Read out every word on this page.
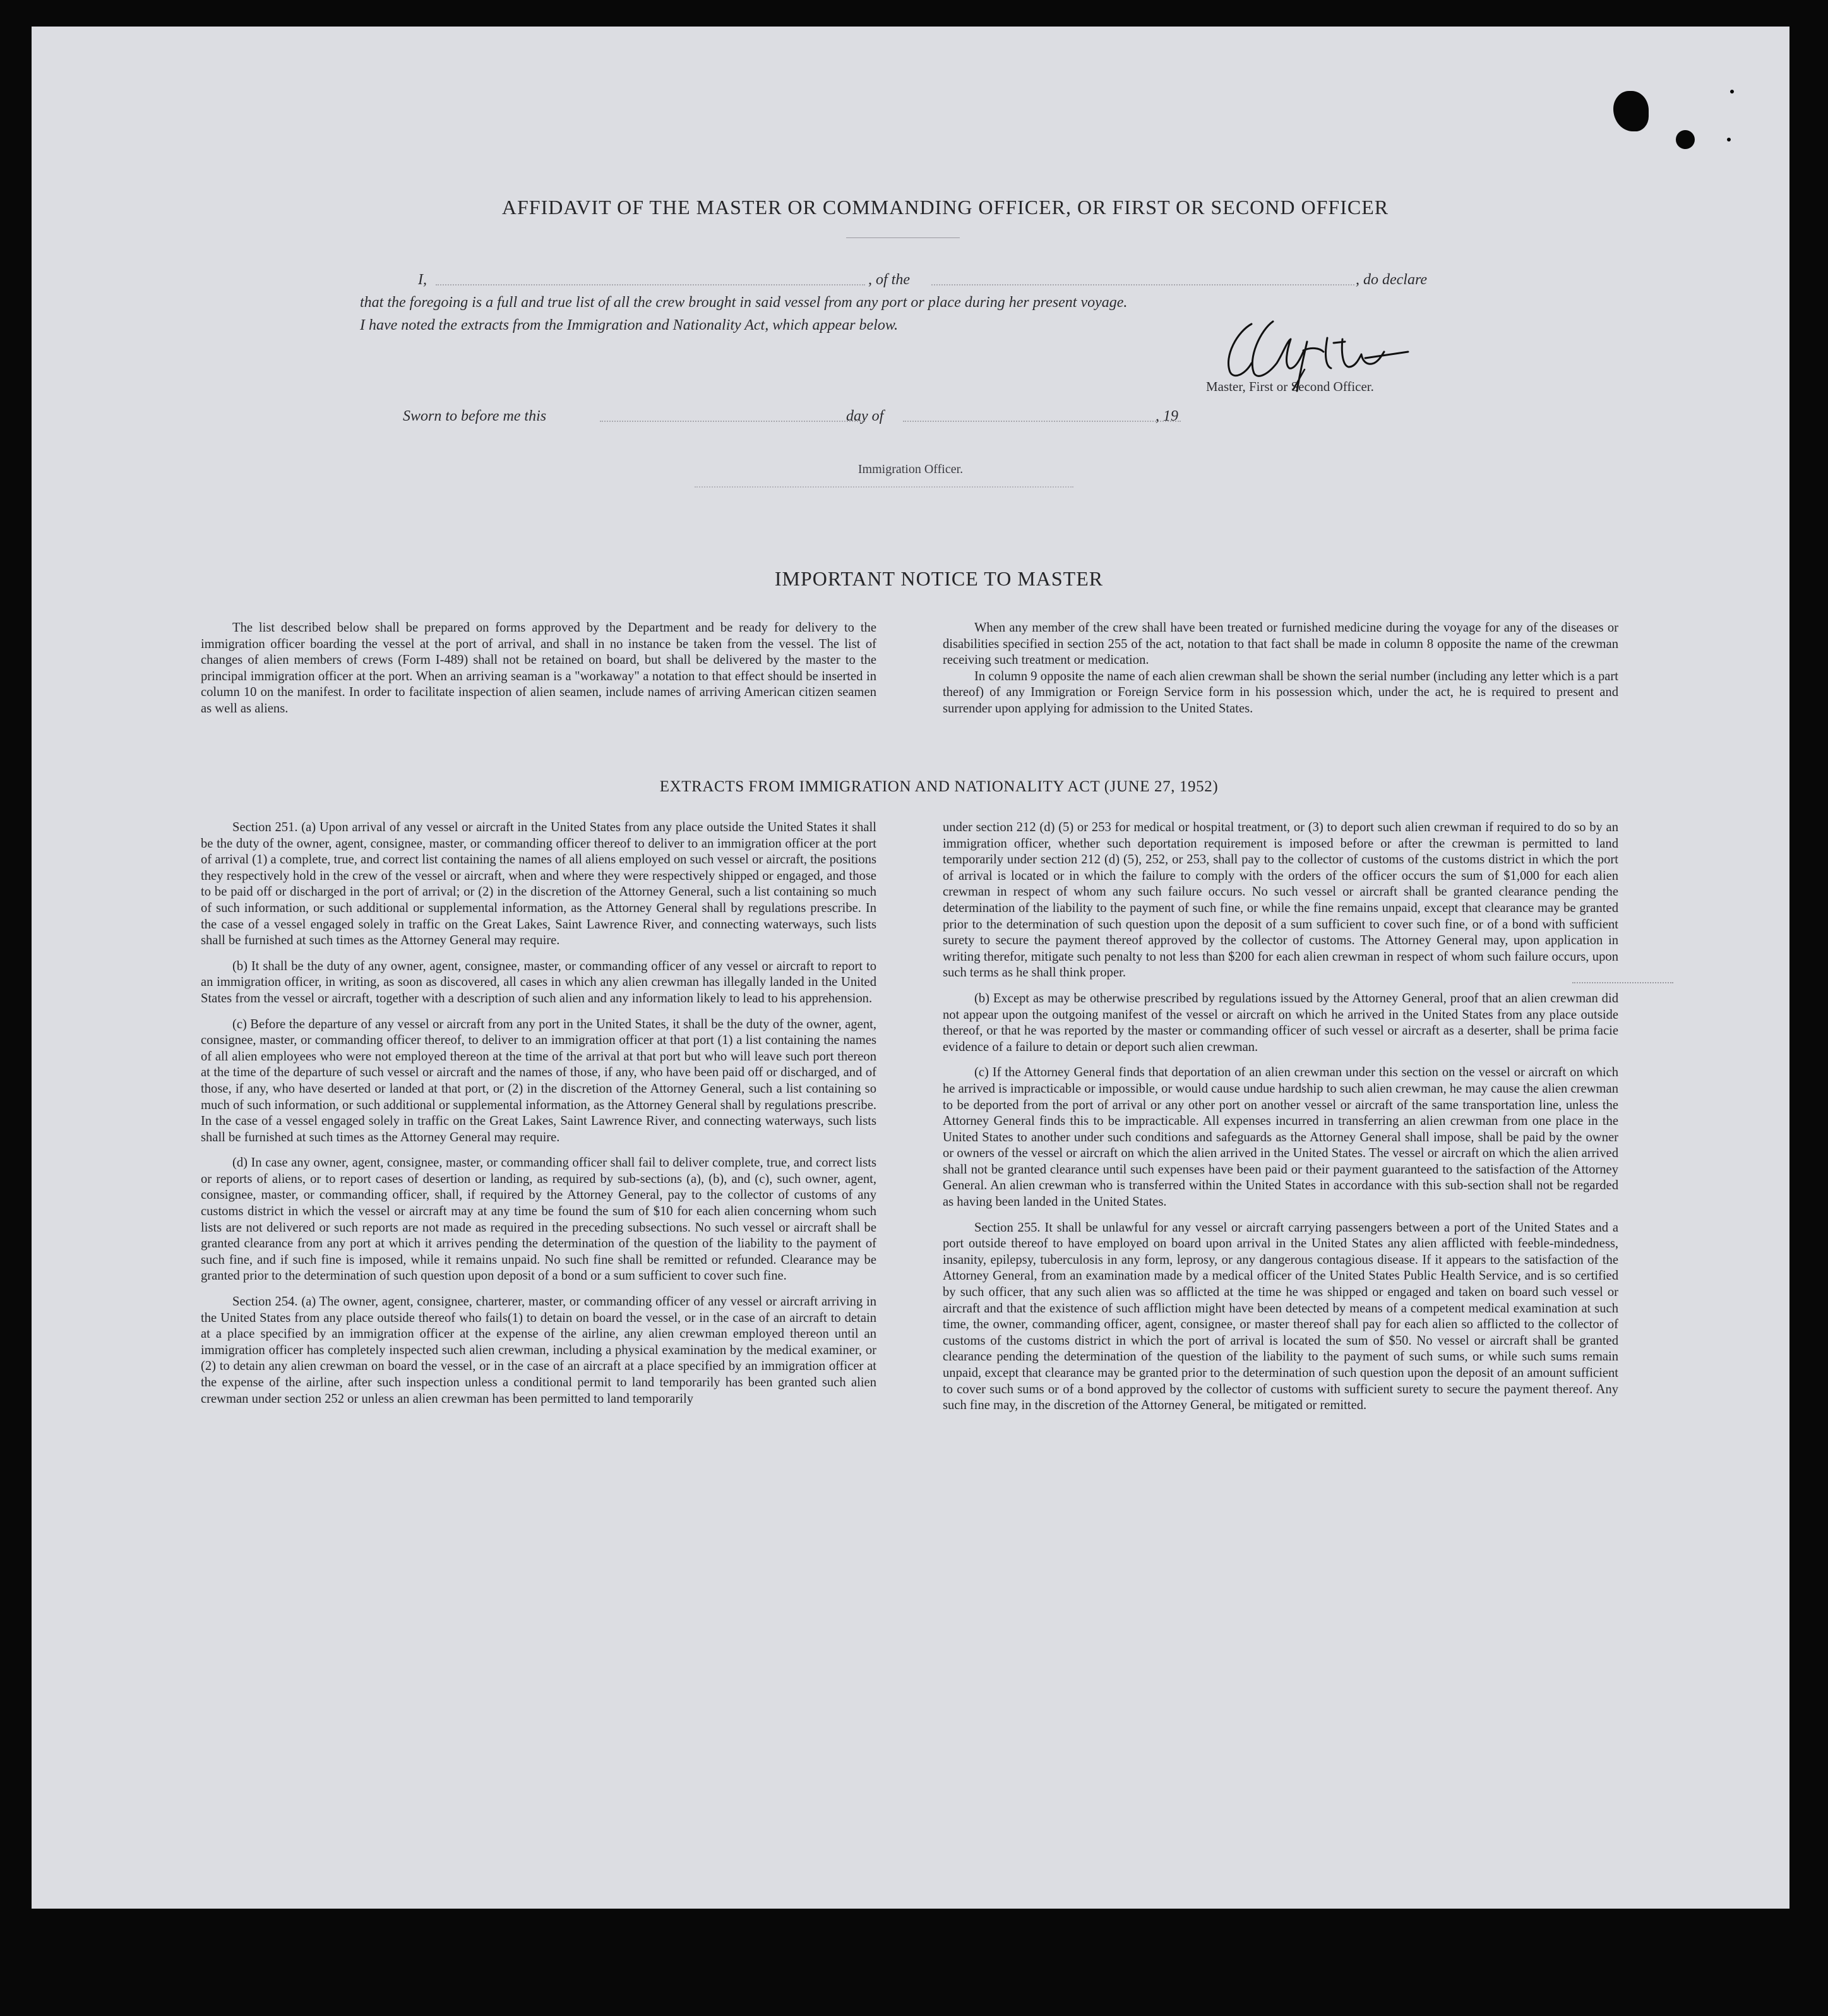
AFFIDAVIT OF THE MASTER OR COMMANDING OFFICER, OR FIRST OR SECOND OFFICER
I,	, of the	, do declare
that the foregoing is a full and true list of all the crew brought in said vessel from any port or place during her present voyage.
I have noted the extracts from the Immigration and Nationality Act, which appear below.
Master, First or Second Officer.
Sworn to before me this	day of	, 19
Immigration Officer.
IMPORTANT NOTICE TO MASTER

The list described below shall be prepared on forms approved by the Department and be ready for delivery to the immigration officer boarding the vessel at the port of arrival, and shall in no instance be taken from the vessel. The list of changes of alien members of crews (Form I-489) shall not be retained on board, but shall be delivered by the master to the principal immigration officer at the port. When an arriving seaman is a "workaway" a notation to that effect should be inserted in column 10 on the manifest. In order to facilitate inspection of alien seamen, include names of arriving American citizen seamen as well as aliens.

When any member of the crew shall have been treated or furnished medicine during the voyage for any of the diseases or disabilities specified in section 255 of the act, notation to that fact shall be made in column 8 opposite the name of the crewman receiving such treatment or medication.

In column 9 opposite the name of each alien crewman shall be shown the serial number (including any letter which is a part thereof) of any Immigration or Foreign Service form in his possession which, under the act, he is required to present and surrender upon applying for admission to the United States.

EXTRACTS FROM IMMIGRATION AND NATIONALITY ACT (JUNE 27, 1952)

Section 251. (a) Upon arrival of any vessel or aircraft in the United States from any place outside the United States it shall be the duty of the owner, agent, consignee, master, or commanding officer thereof to deliver to an immigration officer at the port of arrival (1) a complete, true, and correct list containing the names of all aliens employed on such vessel or aircraft, the positions they respectively hold in the crew of the vessel or aircraft, when and where they were respectively shipped or engaged, and those to be paid off or discharged in the port of arrival; or (2) in the discretion of the Attorney General, such a list containing so much of such information, or such additional or supplemental information, as the Attorney General shall by regulations prescribe. In the case of a vessel engaged solely in traffic on the Great Lakes, Saint Lawrence River, and connecting waterways, such lists shall be furnished at such times as the Attorney General may require.

(b) It shall be the duty of any owner, agent, consignee, master, or commanding officer of any vessel or aircraft to report to an immigration officer, in writing, as soon as discovered, all cases in which any alien crewman has illegally landed in the United States from the vessel or aircraft, together with a description of such alien and any information likely to lead to his apprehension.

(c) Before the departure of any vessel or aircraft from any port in the United States, it shall be the duty of the owner, agent, consignee, master, or commanding officer thereof, to deliver to an immigration officer at that port (1) a list containing the names of all alien employees who were not employed thereon at the time of the arrival at that port but who will leave such port thereon at the time of the departure of such vessel or aircraft and the names of those, if any, who have been paid off or discharged, and of those, if any, who have deserted or landed at that port, or (2) in the discretion of the Attorney General, such a list containing so much of such information, or such additional or supplemental information, as the Attorney General shall by regulations prescribe. In the case of a vessel engaged solely in traffic on the Great Lakes, Saint Lawrence River, and connecting waterways, such lists shall be furnished at such times as the Attorney General may require.

(d) In case any owner, agent, consignee, master, or commanding officer shall fail to deliver complete, true, and correct lists or reports of aliens, or to report cases of desertion or landing, as required by sub-sections (a), (b), and (c), such owner, agent, consignee, master, or commanding officer, shall, if required by the Attorney General, pay to the collector of customs of any customs district in which the vessel or aircraft may at any time be found the sum of $10 for each alien concerning whom such lists are not delivered or such reports are not made as required in the preceding subsections. No such vessel or aircraft shall be granted clearance from any port at which it arrives pending the determination of the question of the liability to the payment of such fine, and if such fine is imposed, while it remains unpaid. No such fine shall be remitted or refunded. Clearance may be granted prior to the determination of such question upon deposit of a bond or a sum sufficient to cover such fine.

Section 254. (a) The owner, agent, consignee, charterer, master, or commanding officer of any vessel or aircraft arriving in the United States from any place outside thereof who fails(1) to detain on board the vessel, or in the case of an aircraft to detain at a place specified by an immigration officer at the expense of the airline, any alien crewman employed thereon until an immigration officer has completely inspected such alien crewman, including a physical examination by the medical examiner, or (2) to detain any alien crewman on board the vessel, or in the case of an aircraft at a place specified by an immigration officer at the expense of the airline, after such inspection unless a conditional permit to land temporarily has been granted such alien crewman under section 252 or unless an alien crewman has been permitted to land temporarily

under section 212 (d) (5) or 253 for medical or hospital treatment, or (3) to deport such alien crewman if required to do so by an immigration officer, whether such deportation requirement is imposed before or after the crewman is permitted to land temporarily under section 212 (d) (5), 252, or 253, shall pay to the collector of customs of the customs district in which the port of arrival is located or in which the failure to comply with the orders of the officer occurs the sum of $1,000 for each alien crewman in respect of whom any such failure occurs. No such vessel or aircraft shall be granted clearance pending the determination of the liability to the payment of such fine, or while the fine remains unpaid, except that clearance may be granted prior to the determination of such question upon the deposit of a sum sufficient to cover such fine, or of a bond with sufficient surety to secure the payment thereof approved by the collector of customs. The Attorney General may, upon application in writing therefor, mitigate such penalty to not less than $200 for each alien crewman in respect of whom such failure occurs, upon such terms as he shall think proper.

(b) Except as may be otherwise prescribed by regulations issued by the Attorney General, proof that an alien crewman did not appear upon the outgoing manifest of the vessel or aircraft on which he arrived in the United States from any place outside thereof, or that he was reported by the master or commanding officer of such vessel or aircraft as a deserter, shall be prima facie evidence of a failure to detain or deport such alien crewman.

(c) If the Attorney General finds that deportation of an alien crewman under this section on the vessel or aircraft on which he arrived is impracticable or impossible, or would cause undue hardship to such alien crewman, he may cause the alien crewman to be deported from the port of arrival or any other port on another vessel or aircraft of the same transportation line, unless the Attorney General finds this to be impracticable. All expenses incurred in transferring an alien crewman from one place in the United States to another under such conditions and safeguards as the Attorney General shall impose, shall be paid by the owner or owners of the vessel or aircraft on which the alien arrived in the United States. The vessel or aircraft on which the alien arrived shall not be granted clearance until such expenses have been paid or their payment guaranteed to the satisfaction of the Attorney General. An alien crewman who is transferred within the United States in accordance with this sub-section shall not be regarded as having been landed in the United States.

Section 255. It shall be unlawful for any vessel or aircraft carrying passengers between a port of the United States and a port outside thereof to have employed on board upon arrival in the United States any alien afflicted with feeble-mindedness, insanity, epilepsy, tuberculosis in any form, leprosy, or any dangerous contagious disease. If it appears to the satisfaction of the Attorney General, from an examination made by a medical officer of the United States Public Health Service, and is so certified by such officer, that any such alien was so afflicted at the time he was shipped or engaged and taken on board such vessel or aircraft and that the existence of such affliction might have been detected by means of a competent medical examination at such time, the owner, commanding officer, agent, consignee, or master thereof shall pay for each alien so afflicted to the collector of customs of the customs district in which the port of arrival is located the sum of $50. No vessel or aircraft shall be granted clearance pending the determination of the question of the liability to the payment of such sums, or while such sums remain unpaid, except that clearance may be granted prior to the determination of such question upon the deposit of an amount sufficient to cover such sums or of a bond approved by the collector of customs with sufficient surety to secure the payment thereof. Any such fine may, in the discretion of the Attorney General, be mitigated or remitted.
